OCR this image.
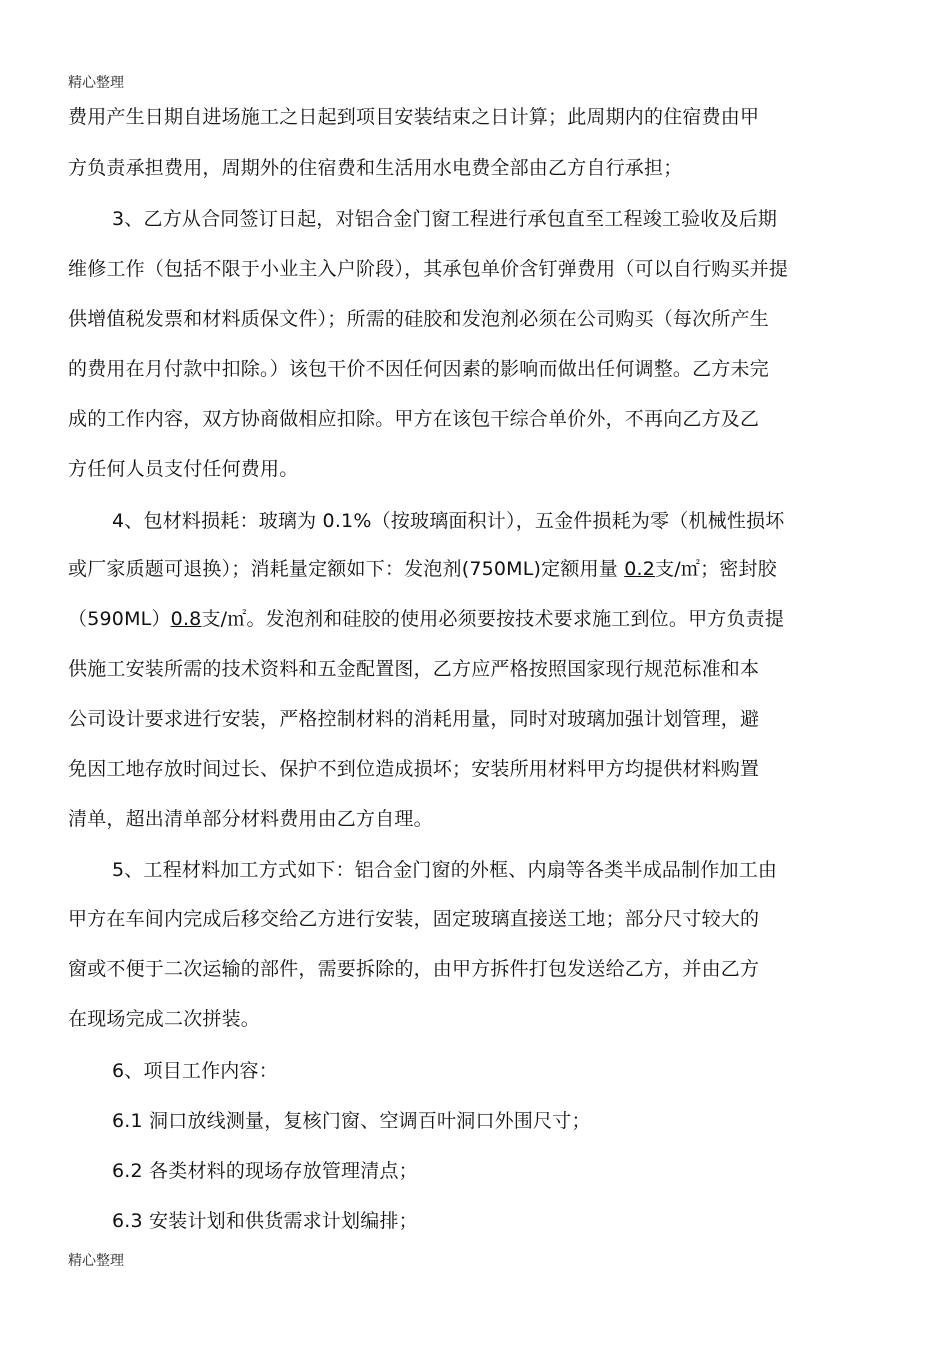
精心整理
费用产生日期自进场施工之日起到项目安装结束之日计算；此周期内的住宿费由甲
方负责承担费用，周期外的住宿费和生活用水电费全部由乙方自行承担；
3、乙方从合同签订日起，对铝合金门窗工程进行承包直至工程竣工验收及后期
维修工作（包括不限于小业主入户阶段），其承包单价含钉弹费用（可以自行购买并提
供增值税发票和材料质保文件）；所需的硅胶和发泡剂必须在公司购买（每次所产生
的费用在月付款中扣除。）该包干价不因任何因素的影响而做出任何调整。乙方未完
成的工作内容，双方协商做相应扣除。甲方在该包干综合单价外，不再向乙方及乙
方任何人员支付任何费用。
4、包材料损耗：玻璃为 0.1%（按玻璃面积计），五金件损耗为零（机械性损坏
或厂家质题可退换）；消耗量定额如下：发泡剂(750ML)定额用量 0.2支/㎡；密封胶
（590ML）0.8支/㎡。发泡剂和硅胶的使用必须要按技术要求施工到位。甲方负责提
供施工安装所需的技术资料和五金配置图，乙方应严格按照国家现行规范标准和本
公司设计要求进行安装，严格控制材料的消耗用量，同时对玻璃加强计划管理，避
免因工地存放时间过长、保护不到位造成损坏；安装所用材料甲方均提供材料购置
清单，超出清单部分材料费用由乙方自理。
5、工程材料加工方式如下：铝合金门窗的外框、内扇等各类半成品制作加工由
甲方在车间内完成后移交给乙方进行安装，固定玻璃直接送工地；部分尺寸较大的
窗或不便于二次运输的部件，需要拆除的，由甲方拆件打包发送给乙方，并由乙方
在现场完成二次拼装。
6、项目工作内容：
6.1 洞口放线测量，复核门窗、空调百叶洞口外围尺寸；
6.2 各类材料的现场存放管理清点；
6.3 安装计划和供货需求计划编排；
精心整理
